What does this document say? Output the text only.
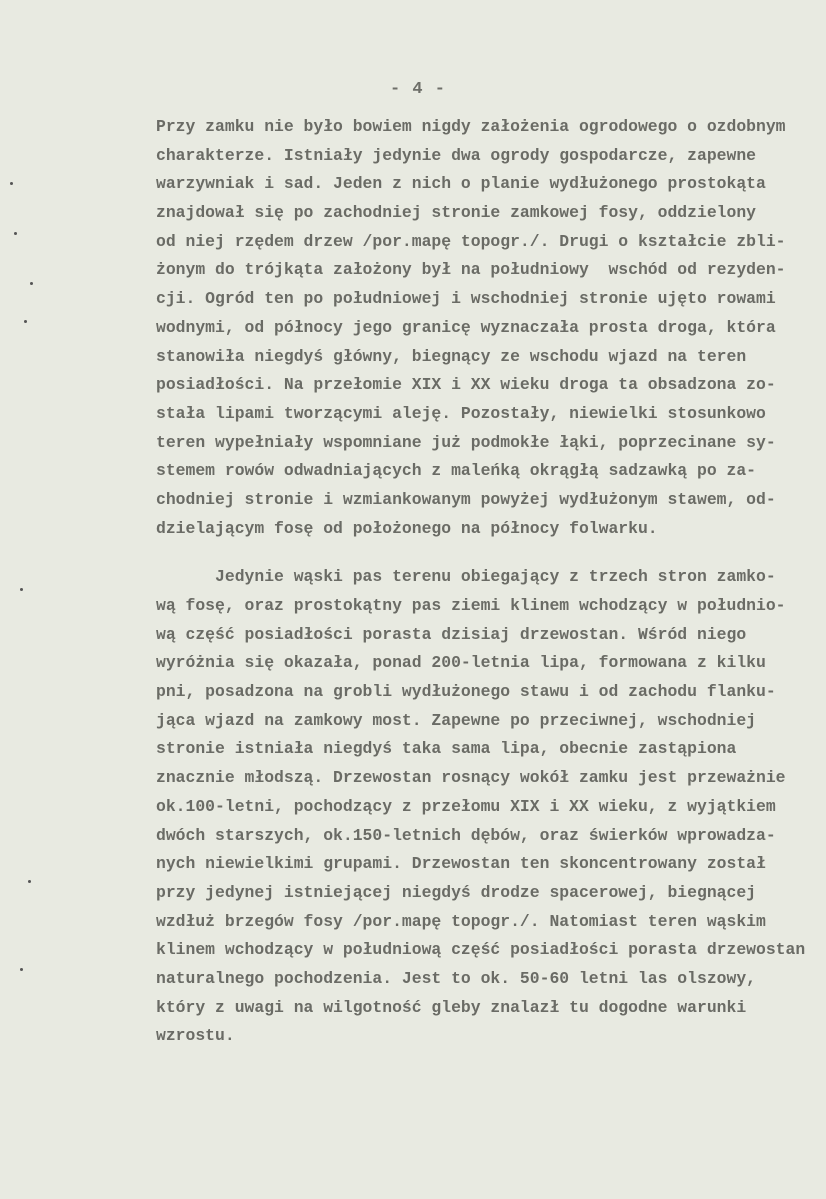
- 4 -
Przy zamku nie było bowiem nigdy założenia ogrodowego o ozdobnym
charakterze. Istniały jedynie dwa ogrody gospodarcze, zapewne
warzywniak i sad. Jeden z nich o planie wydłużonego prostokąta
znajdował się po zachodniej stronie zamkowej fosy, oddzielony
od niej rzędem drzew /por.mapę topogr./. Drugi o kształcie zbli-
żonym do trójkąta założony był na południowy  wschód od rezyden-
cji. Ogród ten po południowej i wschodniej stronie ujęto rowami
wodnymi, od północy jego granicę wyznaczała prosta droga, która
stanowiła niegdyś główny, biegnący ze wschodu wjazd na teren
posiadłości. Na przełomie XIX i XX wieku droga ta obsadzona zo-
stała lipami tworzącymi aleję. Pozostały, niewielki stosunkowo
teren wypełniały wspomniane już podmokłe łąki, poprzecinane sy-
stemem rowów odwadniających z maleńką okrągłą sadzawką po za-
chodniej stronie i wzmiankowanym powyżej wydłużonym stawem, od-
dzielającym fosę od położonego na północy folwarku.
Jedynie wąski pas terenu obiegający z trzech stron zamko-
wą fosę, oraz prostokątny pas ziemi klinem wchodzący w południo-
wą część posiadłości porasta dzisiaj drzewostan. Wśród niego
wyróżnia się okazała, ponad 200-letnia lipa, formowana z kilku
pni, posadzona na grobli wydłużonego stawu i od zachodu flanku-
jąca wjazd na zamkowy most. Zapewne po przeciwnej, wschodniej
stronie istniała niegdyś taka sama lipa, obecnie zastąpiona
znacznie młodszą. Drzewostan rosnący wokół zamku jest przeważnie
ok.100-letni, pochodzący z przełomu XIX i XX wieku, z wyjątkiem
dwóch starszych, ok.150-letnich dębów, oraz świerków wprowadza-
nych niewielkimi grupami. Drzewostan ten skoncentrowany został
przy jedynej istniejącej niegdyś drodze spacerowej, biegnącej
wzdłuż brzegów fosy /por.mapę topogr./. Natomiast teren wąskim
klinem wchodzący w południową część posiadłości porasta drzewostan
naturalnego pochodzenia. Jest to ok. 50-60 letni las olszowy,
który z uwagi na wilgotność gleby znalazł tu dogodne warunki
wzrostu.
